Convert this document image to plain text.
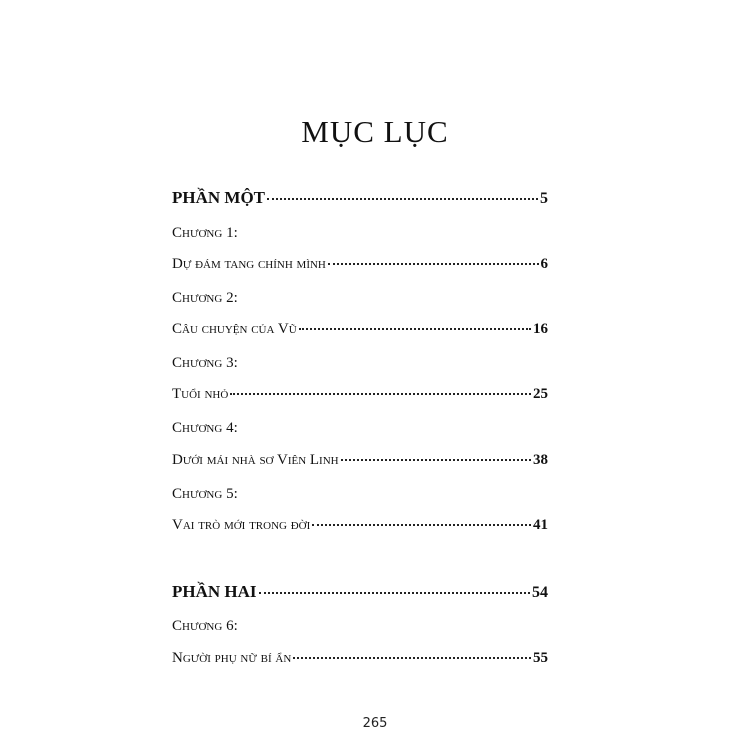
MỤC LỤC
PHẦN MỘT	5
Chương 1:
Dự đám tang chính mình	6
Chương 2:
Câu chuyện của Vũ	16
Chương 3:
Tuổi nhỏ	25
Chương 4:
Dưới mái nhà sơ Viên Linh	38
Chương 5:
Vai trò mới trong đời	41
PHẦN HAI	54
Chương 6:
Người phụ nữ bí ẩn	55
265
